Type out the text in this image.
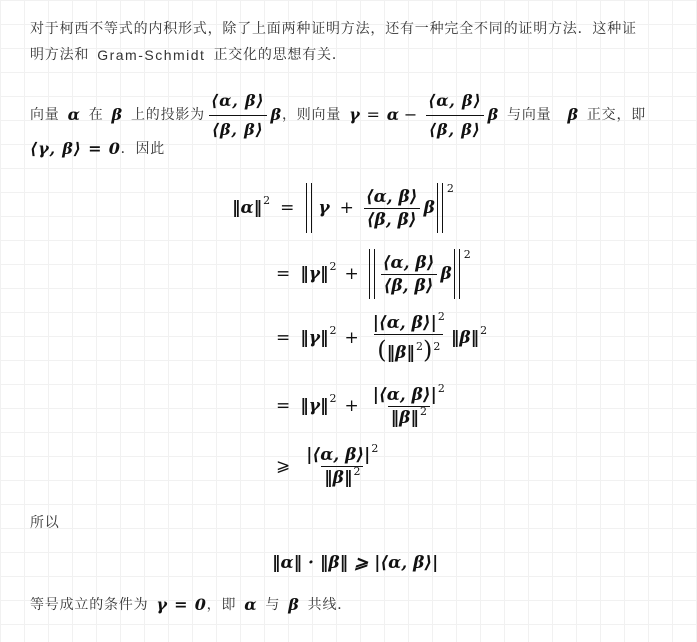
对于柯西不等式的内积形式，除了上面两种证明方法，还有一种完全不同的证明方法．这种证
明方法和 Gram-Schmidt 正交化的思想有关．
向量 α 在 β 上的投影为 $\frac{⟨\alpha, \beta⟩}{⟨\beta, \beta⟩}$ β ，则向量 $\gamma = \alpha - \frac{⟨\alpha, \beta⟩}{⟨\beta, \beta⟩}$ β 与向量 β 正交，即
⟨γ, β⟩ = 0 ．因此
‖α‖ $2 = \gamma + \frac{⟨\alpha, \beta⟩}{⟨\beta, \beta⟩}$ β
2
= ‖γ‖ $2 + \frac{⟨\alpha, \beta⟩}{⟨\beta, \beta⟩}$ β
2
= ‖γ‖ $2 + \frac{|⟨\alpha, \beta⟩|^2}{(‖\beta‖^2)^2}$ ‖β‖ 2
= ‖γ‖ $2 + \frac{|⟨\alpha, \beta⟩|^2}{‖\beta‖^2}$
⩾ $\frac{|⟨\alpha, \beta⟩|^2}{‖\beta‖^2}$
所以
‖α‖ · ‖β‖ ⩾ |⟨α, β⟩|
等号成立的条件为 γ = 0 ，即 α 与 β 共线．
